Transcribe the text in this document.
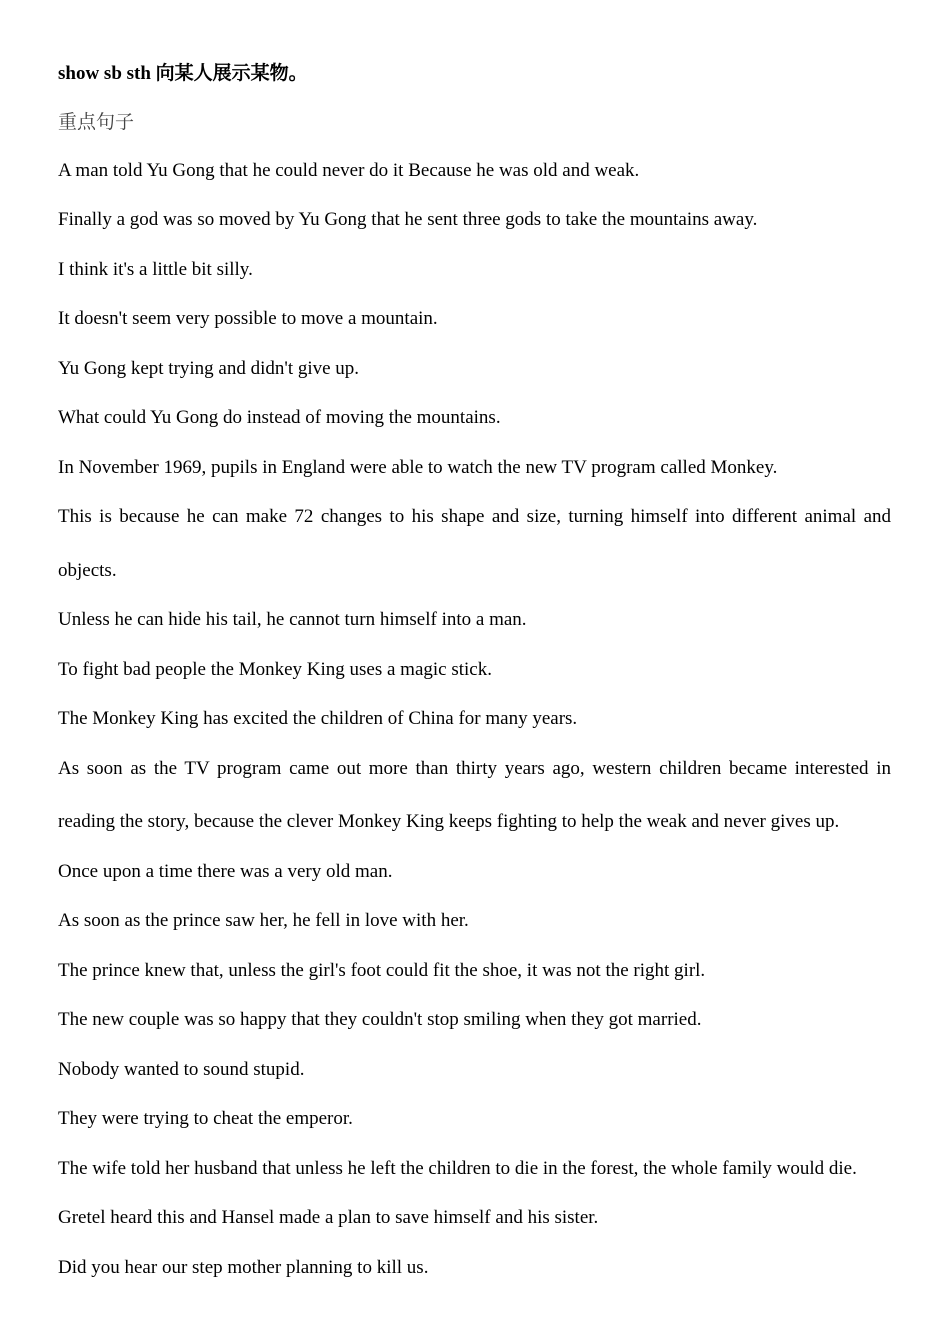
show sb sth 向某人展示某物。
重点句子
A man told Yu Gong that he could never do it Because he was old and weak.
Finally a god was so moved by Yu Gong that he sent three gods to take the mountains away.
I think it's a little bit silly.
It doesn't seem very possible to move a mountain.
Yu Gong kept trying and didn't give up.
What could Yu Gong do instead of moving the mountains.
In November 1969, pupils in England were able to watch the new TV program called Monkey.
This is because he can make 72 changes to his shape and size, turning himself into different animal and
objects.
Unless he can hide his tail, he cannot turn himself into a man.
To fight bad people the Monkey King uses a magic stick.
The Monkey King has excited the children of China for many years.
As soon as the TV program came out more than thirty years ago, western children became interested in
reading the story, because the clever Monkey King keeps fighting to help the weak and never gives up.
Once upon a time there was a very old man.
As soon as the prince saw her, he fell in love with her.
The prince knew that, unless the girl's foot could fit the shoe, it was not the right girl.
The new couple was so happy that they couldn't stop smiling when they got married.
Nobody wanted to sound stupid.
They were trying to cheat the emperor.
The wife told her husband that unless he left the children to die in the forest, the whole family would die.
Gretel heard this and Hansel made a plan to save himself and his sister.
Did you hear our step mother planning to kill us.
